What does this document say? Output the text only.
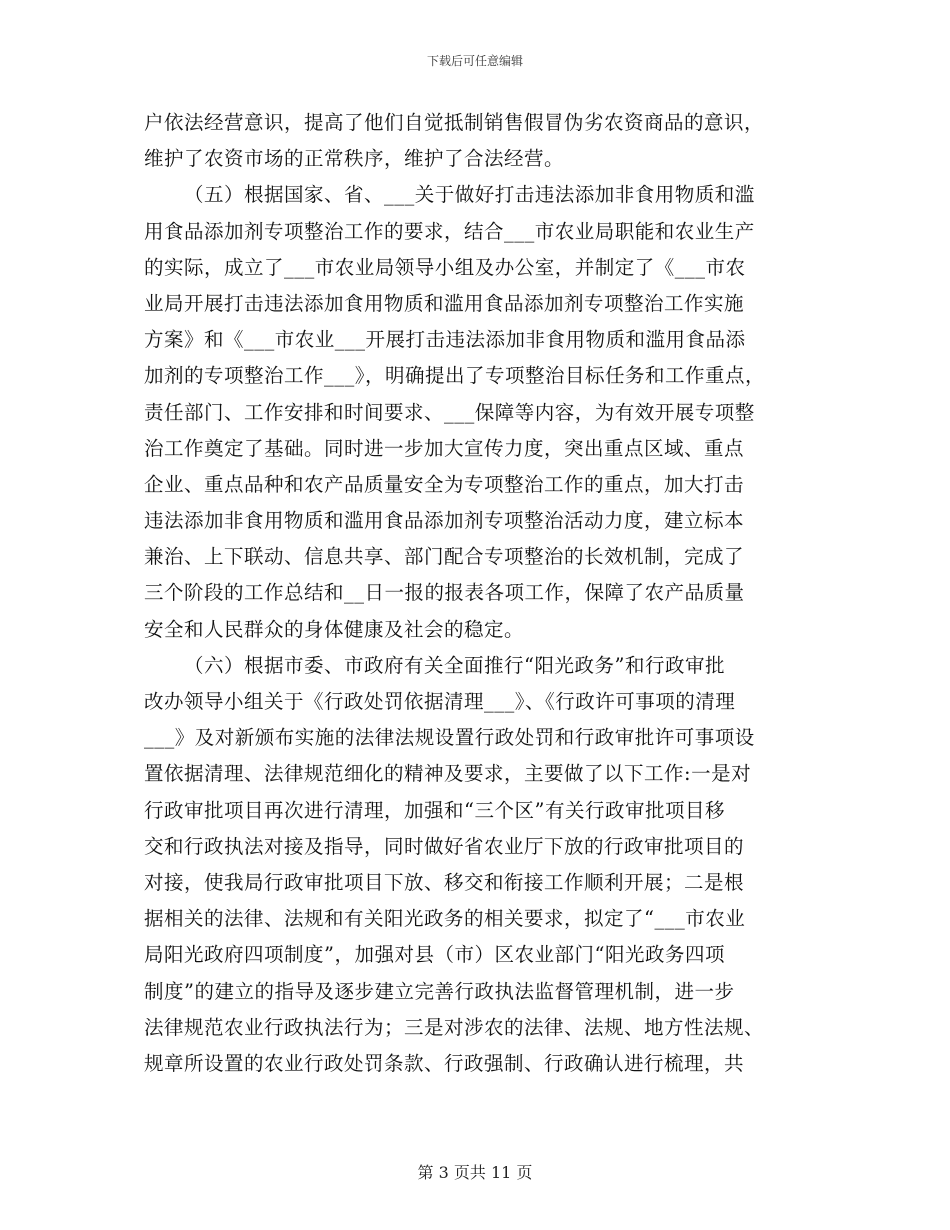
下载后可任意编辑
户依法经营意识，提高了他们自觉抵制销售假冒伪劣农资商品的意识，
维护了农资市场的正常秩序，维护了合法经营。
（五）根据国家、省、___关于做好打击违法添加非食用物质和滥
用食品添加剂专项整治工作的要求，结合___市农业局职能和农业生产
的实际，成立了___市农业局领导小组及办公室，并制定了《___市农
业局开展打击违法添加食用物质和滥用食品添加剂专项整治工作实施
方案》和《___市农业___开展打击违法添加非食用物质和滥用食品添
加剂的专项整治工作___》，明确提出了专项整治目标任务和工作重点，
责任部门、工作安排和时间要求、___保障等内容，为有效开展专项整
治工作奠定了基础。同时进一步加大宣传力度，突出重点区域、重点
企业、重点品种和农产品质量安全为专项整治工作的重点，加大打击
违法添加非食用物质和滥用食品添加剂专项整治活动力度，建立标本
兼治、上下联动、信息共享、部门配合专项整治的长效机制，完成了
三个阶段的工作总结和__日一报的报表各项工作，保障了农产品质量
安全和人民群众的身体健康及社会的稳定。
（六）根据市委、市政府有关全面推行“阳光政务”和行政审批
改办领导小组关于《行政处罚依据清理___》、《行政许可事项的清理
___》及对新颁布实施的法律法规设置行政处罚和行政审批许可事项设
置依据清理、法律规范细化的精神及要求，主要做了以下工作:一是对
行政审批项目再次进行清理，加强和“三个区”有关行政审批项目移
交和行政执法对接及指导，同时做好省农业厅下放的行政审批项目的
对接，使我局行政审批项目下放、移交和衔接工作顺利开展；二是根
据相关的法律、法规和有关阳光政务的相关要求，拟定了“___市农业
局阳光政府四项制度”，加强对县（市）区农业部门“阳光政务四项
制度”的建立的指导及逐步建立完善行政执法监督管理机制，进一步
法律规范农业行政执法行为；三是对涉农的法律、法规、地方性法规、
规章所设置的农业行政处罚条款、行政强制、行政确认进行梳理，共
第 3 页共 11 页
